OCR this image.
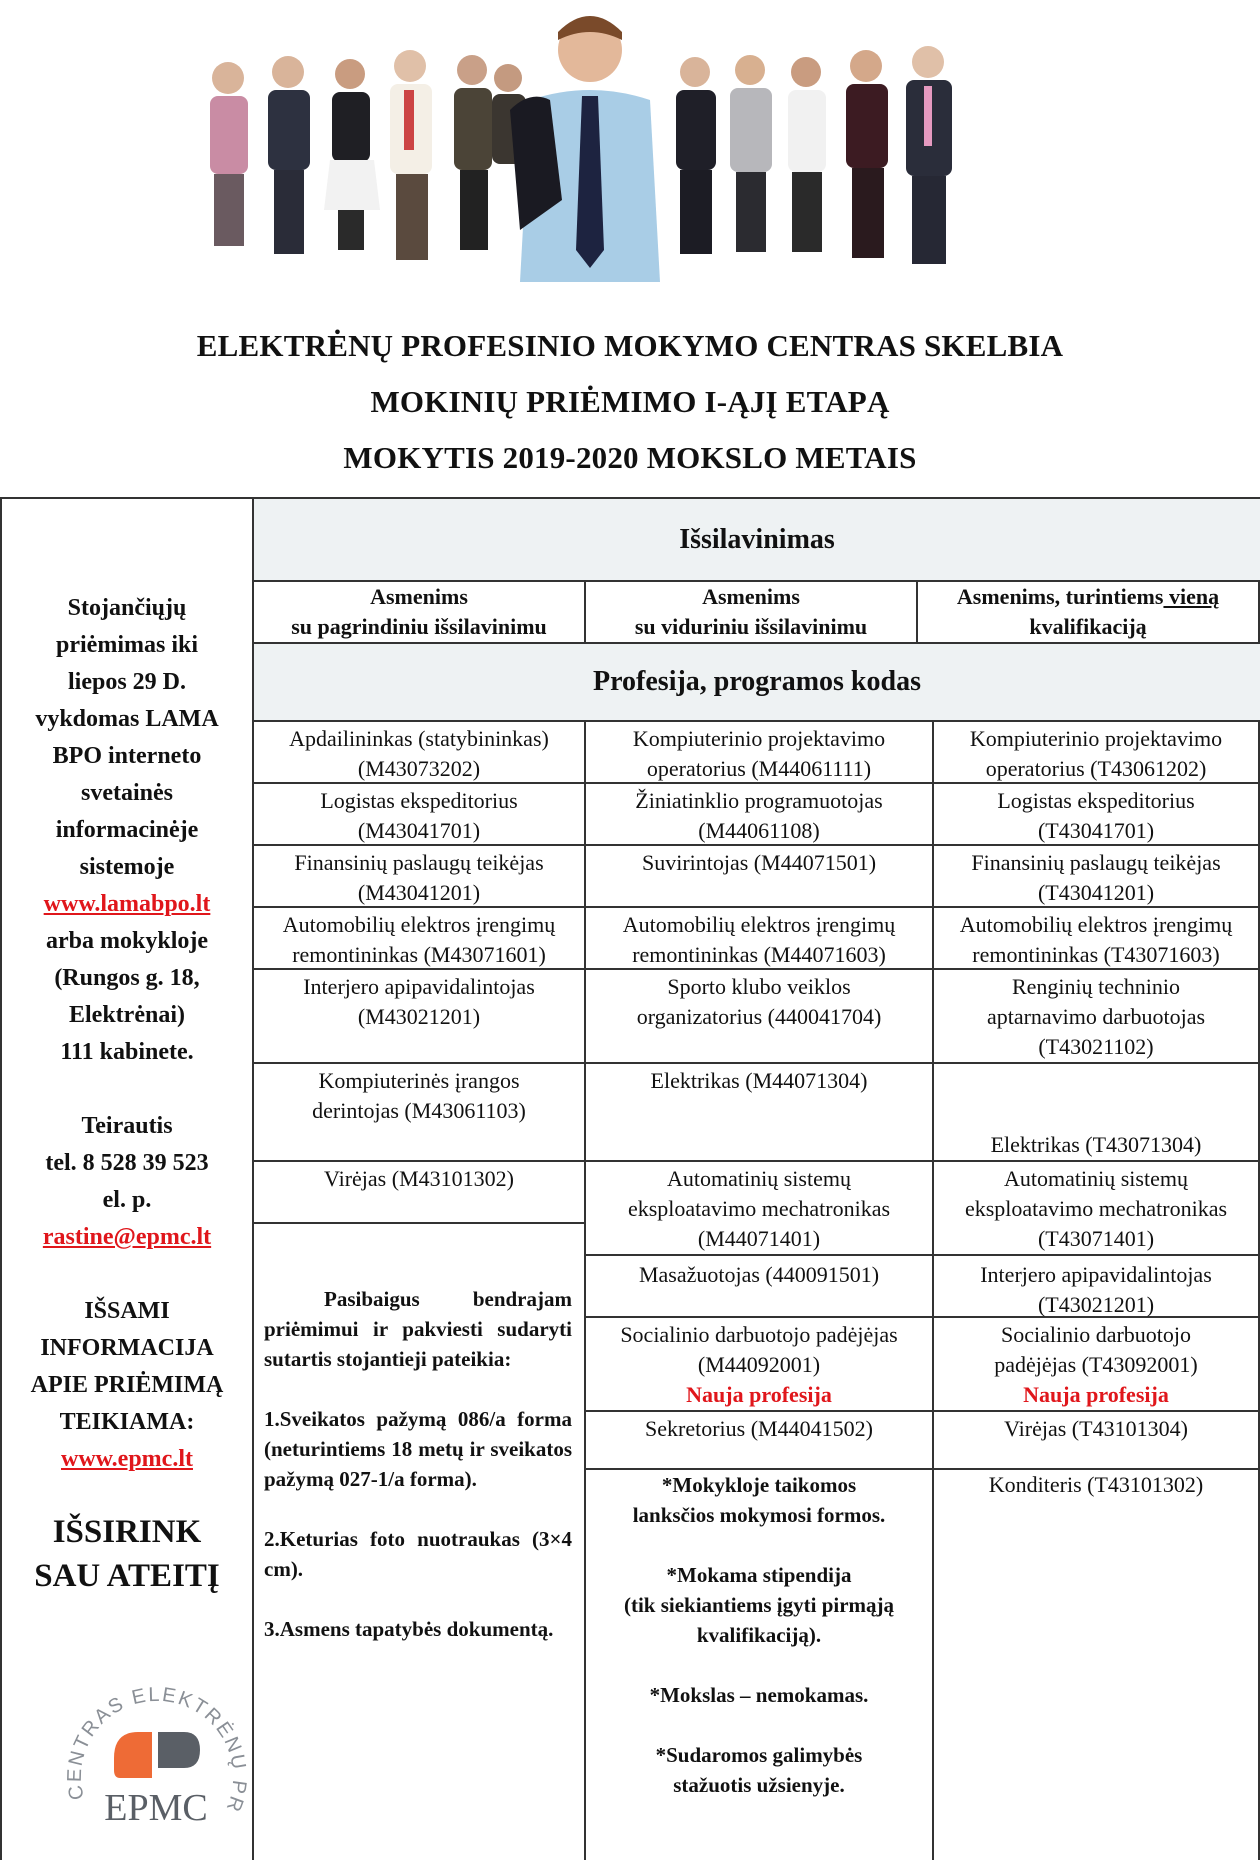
ELEKTRĖNŲ PROFESINIO MOKYMO CENTRAS SKELBIA
MOKINIŲ PRIĖMIMO I-ĄJĮ ETAPĄ
MOKYTIS 2019-2020 MOKSLO METAIS
Stojančiųjų
priėmimas iki
liepos 29 D.
vykdomas LAMA
BPO interneto
svetainės
informacinėje
sistemoje
www.lamabpo.lt
arba mokykloje
(Rungos g. 18,
Elektrėnai)
111 kabinete.
Teirautis
tel. 8 528 39 523
el. p.
rastine@epmc.lt
IŠSAMI
INFORMACIJA
APIE PRIĖMIMĄ
TEIKIAMA:
www.epmc.lt
IŠSIRINK
SAU ATEITĮ
CENTRAS ELEKTRĖNŲ PR
EPMC
Išsilavinimas
Asmenims
su pagrindiniu išsilavinimu
Asmenims
su viduriniu išsilavinimu
Asmenims, turintiems vieną
kvalifikaciją
Profesija, programos kodas
Apdailininkas (statybininkas)
(M43073202)
Logistas ekspeditorius
(M43041701)
Finansinių paslaugų teikėjas
(M43041201)
Automobilių elektros įrengimų
remontininkas (M43071601)
Interjero apipavidalintojas
(M43021201)
Kompiuterinės įrangos
derintojas (M43061103)
Virėjas (M43101302)

Pasibaigus bendrajam priėmimui ir pakviesti sudaryti sutartis stojantieji pateikia:

1.Sveikatos pažymą 086/a forma (neturintiems 18 metų ir sveikatos pažymą 027-1/a forma).

2.Keturias foto nuotraukas (3×4 cm).

3.Asmens tapatybės dokumentą.

Kompiuterinio projektavimo
operatorius (M44061111)
Žiniatinklio programuotojas
(M44061108)
Suvirintojas (M44071501)
Automobilių elektros įrengimų
remontininkas (M44071603)
Sporto klubo veiklos
organizatorius (440041704)
Elektrikas (M44071304)
Automatinių sistemų
eksploatavimo mechatronikas
(M44071401)
Masažuotojas (440091501)
Socialinio darbuotojo padėjėjas
(M44092001)
Nauja profesija
Sekretorius (M44041502)
*Mokykloje taikomos
lanksčios mokymosi formos.
*Mokama stipendija
(tik siekiantiems įgyti pirmąją
kvalifikaciją).
*Mokslas – nemokamas.
*Sudaromos galimybės
stažuotis užsienyje.
Kompiuterinio projektavimo
operatorius (T43061202)
Logistas ekspeditorius
(T43041701)
Finansinių paslaugų teikėjas
(T43041201)
Automobilių elektros įrengimų
remontininkas (T43071603)
Renginių techninio
aptarnavimo darbuotojas
(T43021102)
Elektrikas (T43071304)
Automatinių sistemų
eksploatavimo mechatronikas
(T43071401)
Interjero apipavidalintojas
(T43021201)
Socialinio darbuotojo
padėjėjas (T43092001)
Nauja profesija
Virėjas (T43101304)
Konditeris (T43101302)
